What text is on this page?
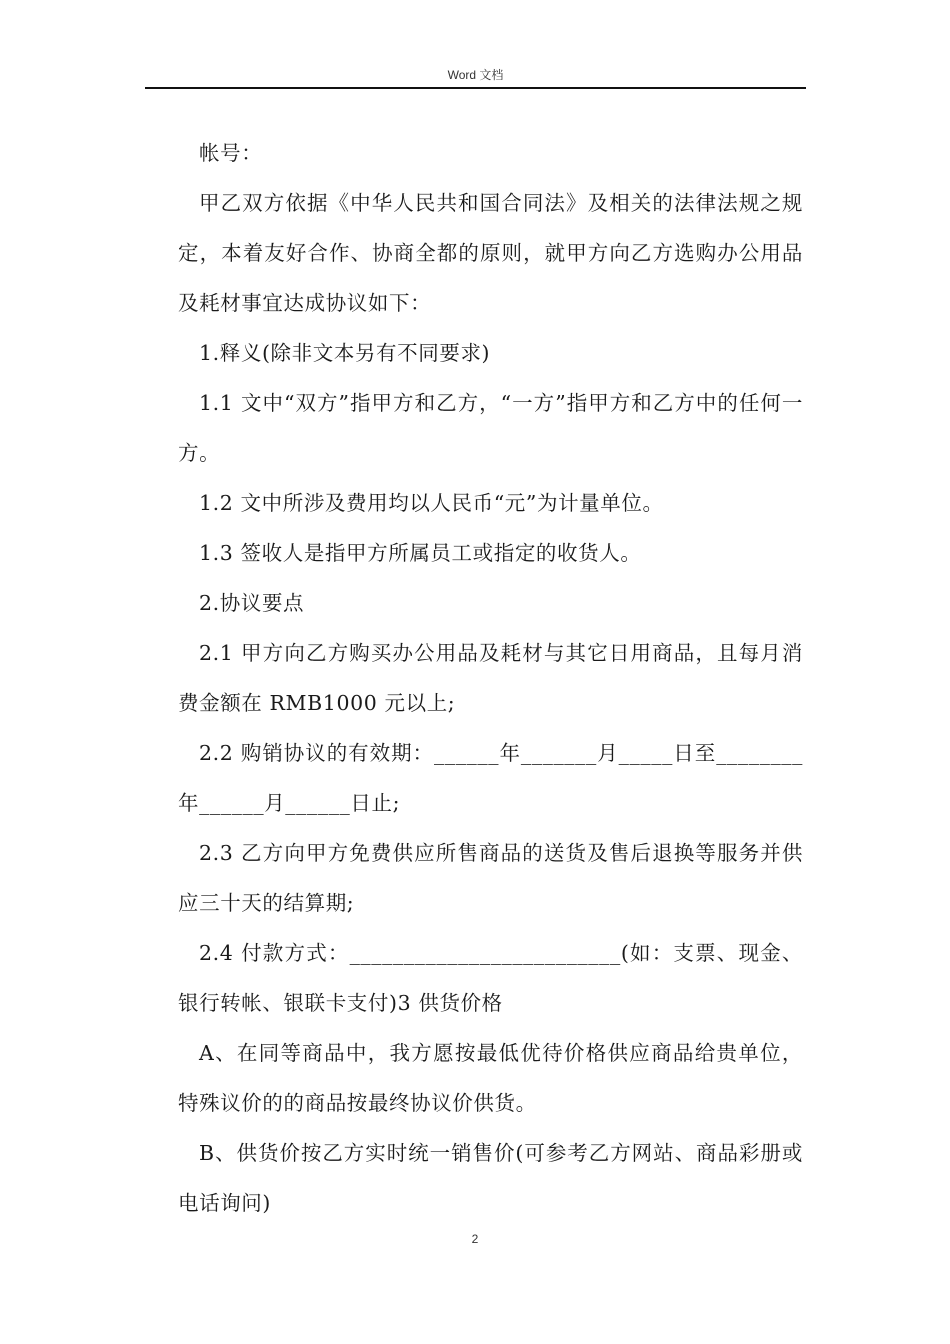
Word 文档

帐号：

甲乙双方依据《中华人民共和国合同法》及相关的法律法规之规定，本着友好合作、协商全都的原则，就甲方向乙方选购办公用品及耗材事宜达成协议如下：

1.释义(除非文本另有不同要求)

1.1 文中“双方”指甲方和乙方，“一方”指甲方和乙方中的任何一方。

1.2 文中所涉及费用均以人民币“元”为计量单位。

1.3 签收人是指甲方所属员工或指定的收货人。

2.协议要点

2.1 甲方向乙方购买办公用品及耗材与其它日用商品，且每月消费金额在 RMB1000 元以上;

2.2 购销协议的有效期：______年_______月_____日至________年______月______日止;

2.3 乙方向甲方免费供应所售商品的送货及售后退换等服务并供应三十天的结算期;

2.4 付款方式：_________________________(如：支票、现金、银行转帐、银联卡支付)3 供货价格

A、在同等商品中，我方愿按最低优待价格供应商品给贵单位，特殊议价的的商品按最终协议价供货。

B、供货价按乙方实时统一销售价(可参考乙方网站、商品彩册或电话询问)

2
